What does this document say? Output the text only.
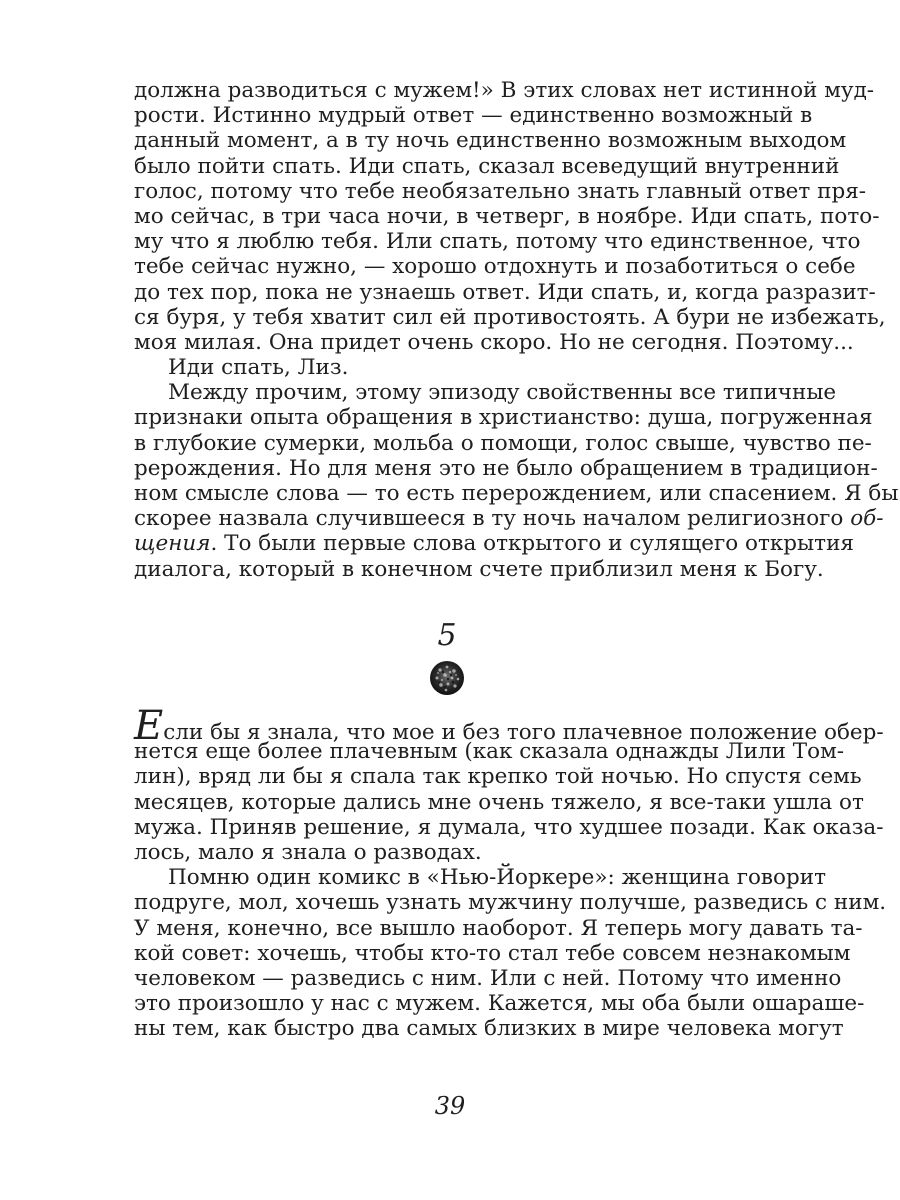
должна разводиться с мужем!» В этих словах нет истинной муд-
рости. Истинно мудрый ответ — единственно возможный в
данный момент, а в ту ночь единственно возможным выходом
было пойти спать. Иди спать, сказал всеведущий внутренний
голос, потому что тебе необязательно знать главный ответ пря-
мо сейчас, в три часа ночи, в четверг, в ноябре. Иди спать, пото-
му что я люблю тебя. Или спать, потому что единственное, что
тебе сейчас нужно, — хорошо отдохнуть и позаботиться о себе
до тех пор, пока не узнаешь ответ. Иди спать, и, когда разразит-
ся буря, у тебя хватит сил ей противостоять. А бури не избежать,
моя милая. Она придет очень скоро. Но не сегодня. Поэтому...
Иди спать, Лиз.
Между прочим, этому эпизоду свойственны все типичные
признаки опыта обращения в христианство: душа, погруженная
в глубокие сумерки, мольба о помощи, голос свыше, чувство пе-
рерождения. Но для меня это не было обращением в традицион-
ном смысле слова — то есть перерождением, или спасением. Я бы
скорее назвала случившееся в ту ночь началом религиозного об-
щения. То были первые слова открытого и сулящего открытия
диалога, который в конечном счете приблизил меня к Богу.
5
Если бы я знала, что мое и без того плачевное положение обер-
нется еще более плачевным (как сказала однажды Лили Том-
лин), вряд ли бы я спала так крепко той ночью. Но спустя семь
месяцев, которые дались мне очень тяжело, я все-таки ушла от
мужа. Приняв решение, я думала, что худшее позади. Как оказа-
лось, мало я знала о разводах.
Помню один комикс в «Нью-Йоркере»: женщина говорит
подруге, мол, хочешь узнать мужчину получше, разведись с ним.
У меня, конечно, все вышло наоборот. Я теперь могу давать та-
кой совет: хочешь, чтобы кто-то стал тебе совсем незнакомым
человеком — разведись с ним. Или с ней. Потому что именно
это произошло у нас с мужем. Кажется, мы оба были ошараше-
ны тем, как быстро два самых близких в мире человека могут
39
